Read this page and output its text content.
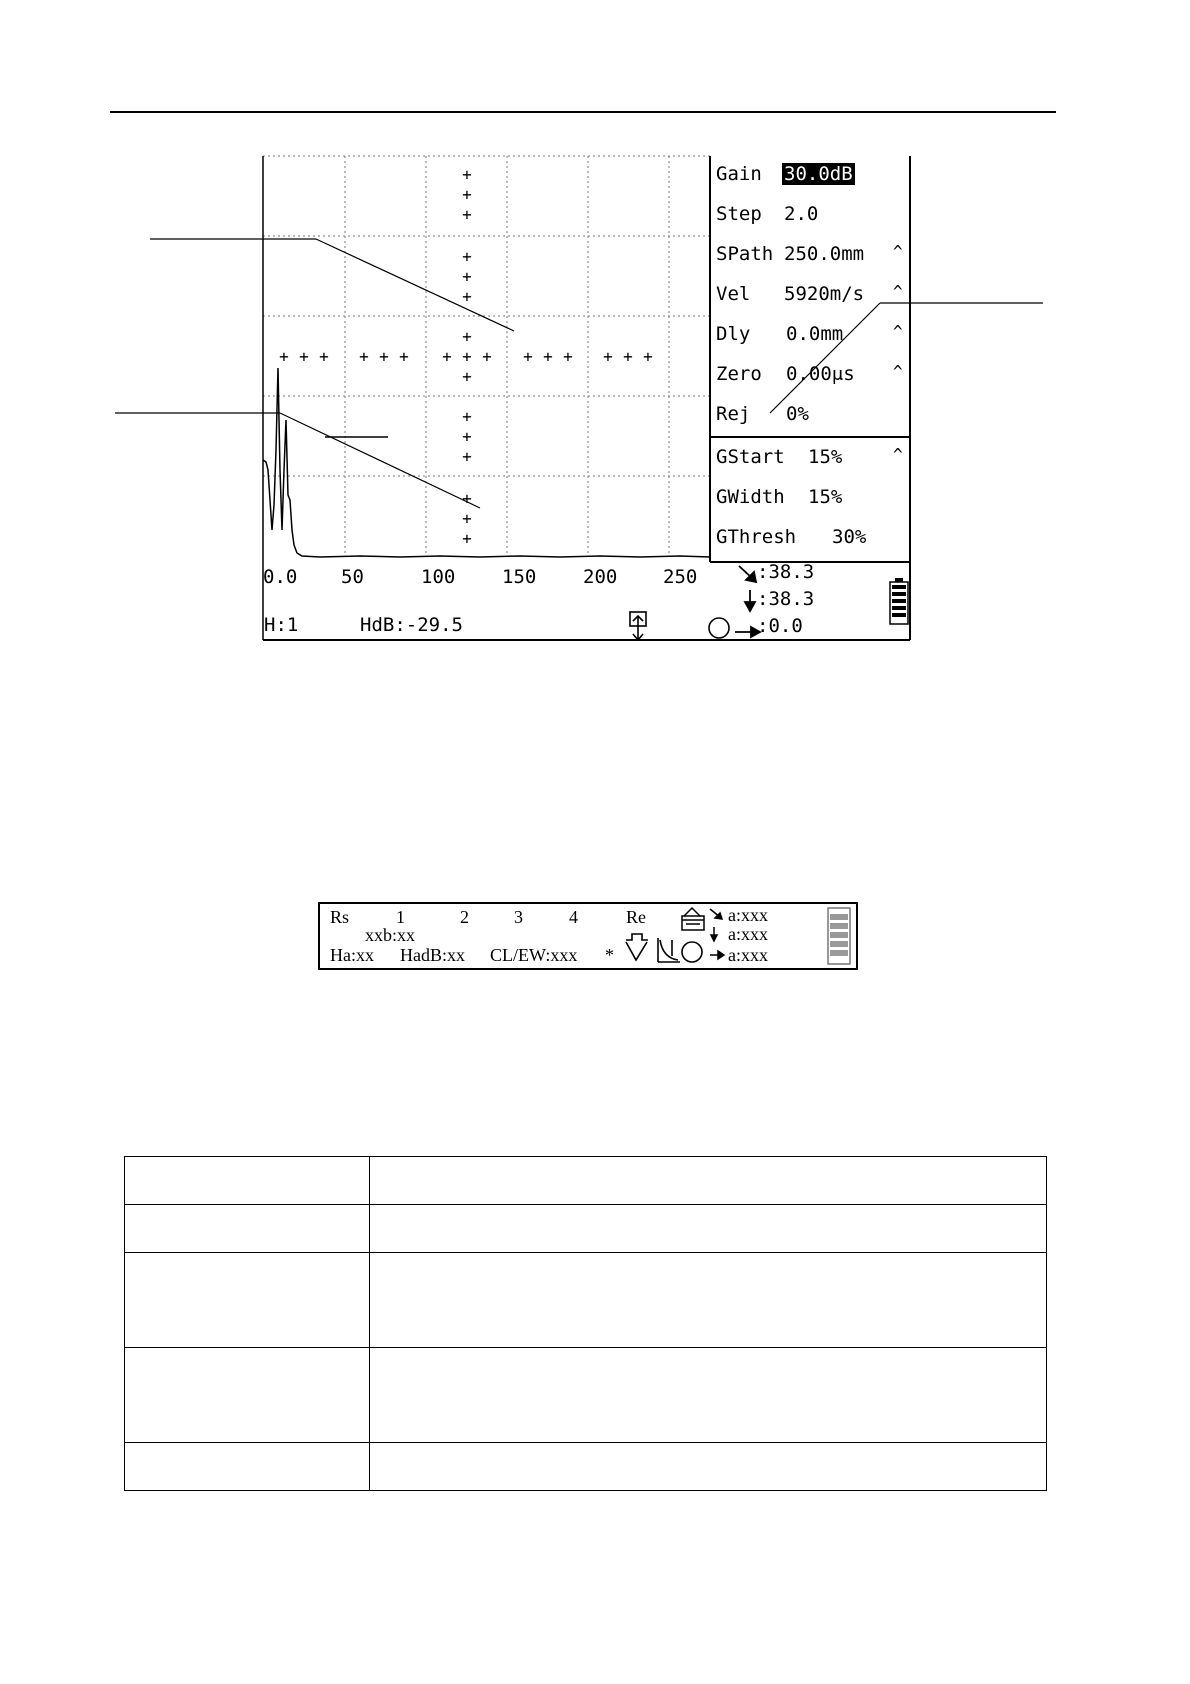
+
+
+
+
+
+
+
+
+
+
+
+
+
+
+ + + + + + + + + + + + + + +
Gain 30.0dB
Step 2.0
SPath 250.0mm ^
Vel 5920m/s ^
Dly 0.0mm	^
Zero 0.00μs ^
Rej 0%
GStart 15%	^
GWidth 15%
GThresh 30%
0.0 50	100 150 200 250	:38.3
:38.3
:0.0
H:1	HdB:-29.5
Rs	1	2	3	4	Re
xxb:xx
Ha:xx HadB:xx CL/EW:xxx *
a:xxx
a:xxx
a:xxx
